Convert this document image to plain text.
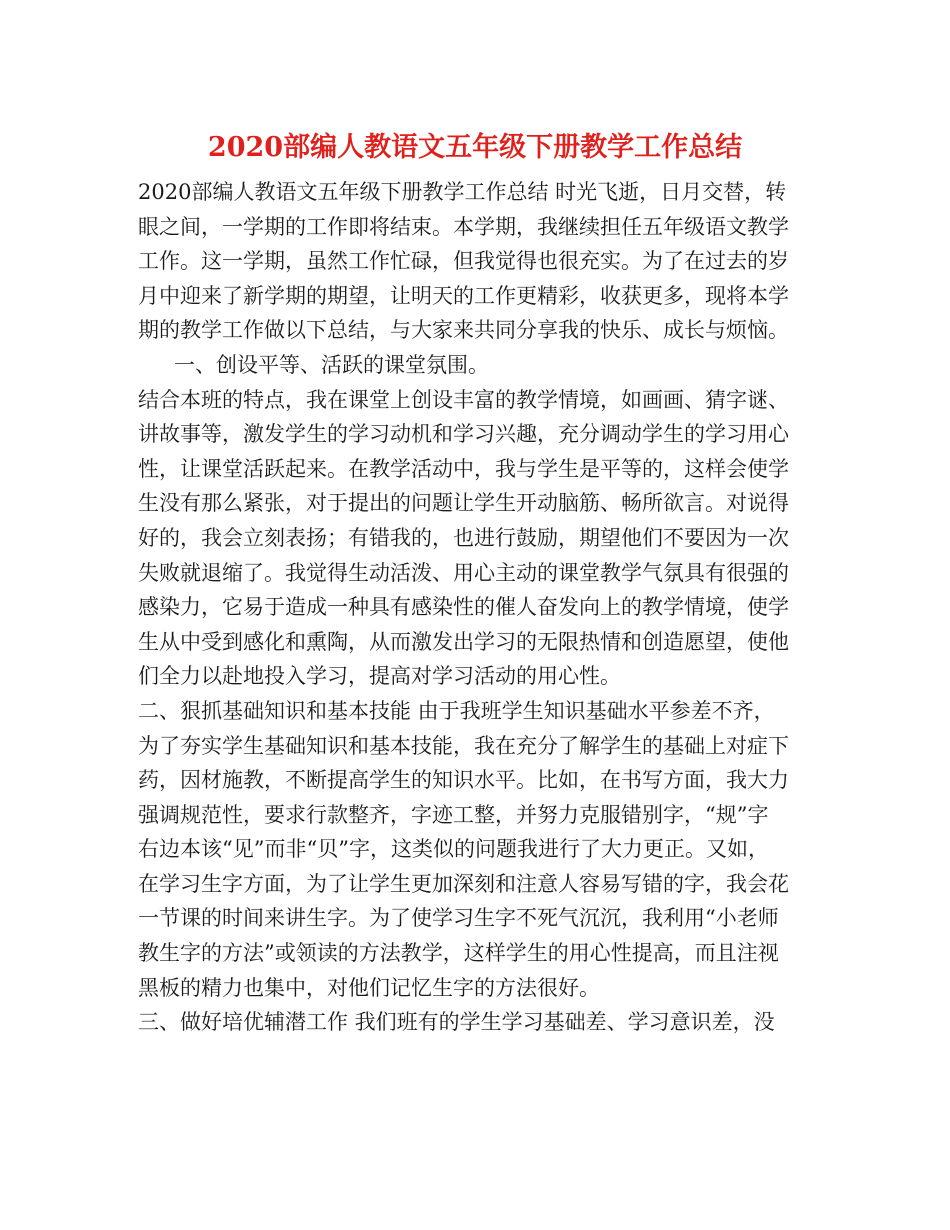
2020部编人教语文五年级下册教学工作总结
2020部编人教语文五年级下册教学工作总结 时光飞逝，日月交替，转
眼之间，一学期的工作即将结束。本学期，我继续担任五年级语文教学
工作。这一学期，虽然工作忙碌，但我觉得也很充实。为了在过去的岁
月中迎来了新学期的期望，让明天的工作更精彩，收获更多，现将本学
期的教学工作做以下总结，与大家来共同分享我的快乐、成长与烦恼。
一、创设平等、活跃的课堂氛围。
结合本班的特点，我在课堂上创设丰富的教学情境，如画画、猜字谜、
讲故事等，激发学生的学习动机和学习兴趣，充分调动学生的学习用心
性，让课堂活跃起来。在教学活动中，我与学生是平等的，这样会使学
生没有那么紧张，对于提出的问题让学生开动脑筋、畅所欲言。对说得
好的，我会立刻表扬；有错我的，也进行鼓励，期望他们不要因为一次
失败就退缩了。我觉得生动活泼、用心主动的课堂教学气氛具有很强的
感染力，它易于造成一种具有感染性的催人奋发向上的教学情境，使学
生从中受到感化和熏陶，从而激发出学习的无限热情和创造愿望，使他
们全力以赴地投入学习，提高对学习活动的用心性。
二、狠抓基础知识和基本技能 由于我班学生知识基础水平参差不齐，
为了夯实学生基础知识和基本技能，我在充分了解学生的基础上对症下
药，因材施教，不断提高学生的知识水平。比如，在书写方面，我大力
强调规范性，要求行款整齐，字迹工整，并努力克服错别字，“规”字
右边本该“见”而非“贝”字，这类似的问题我进行了大力更正。又如，
在学习生字方面，为了让学生更加深刻和注意人容易写错的字，我会花
一节课的时间来讲生字。为了使学习生字不死气沉沉，我利用“小老师
教生字的方法”或领读的方法教学，这样学生的用心性提高，而且注视
黑板的精力也集中，对他们记忆生字的方法很好。
三、做好培优辅潜工作 我们班有的学生学习基础差、学习意识差，没
